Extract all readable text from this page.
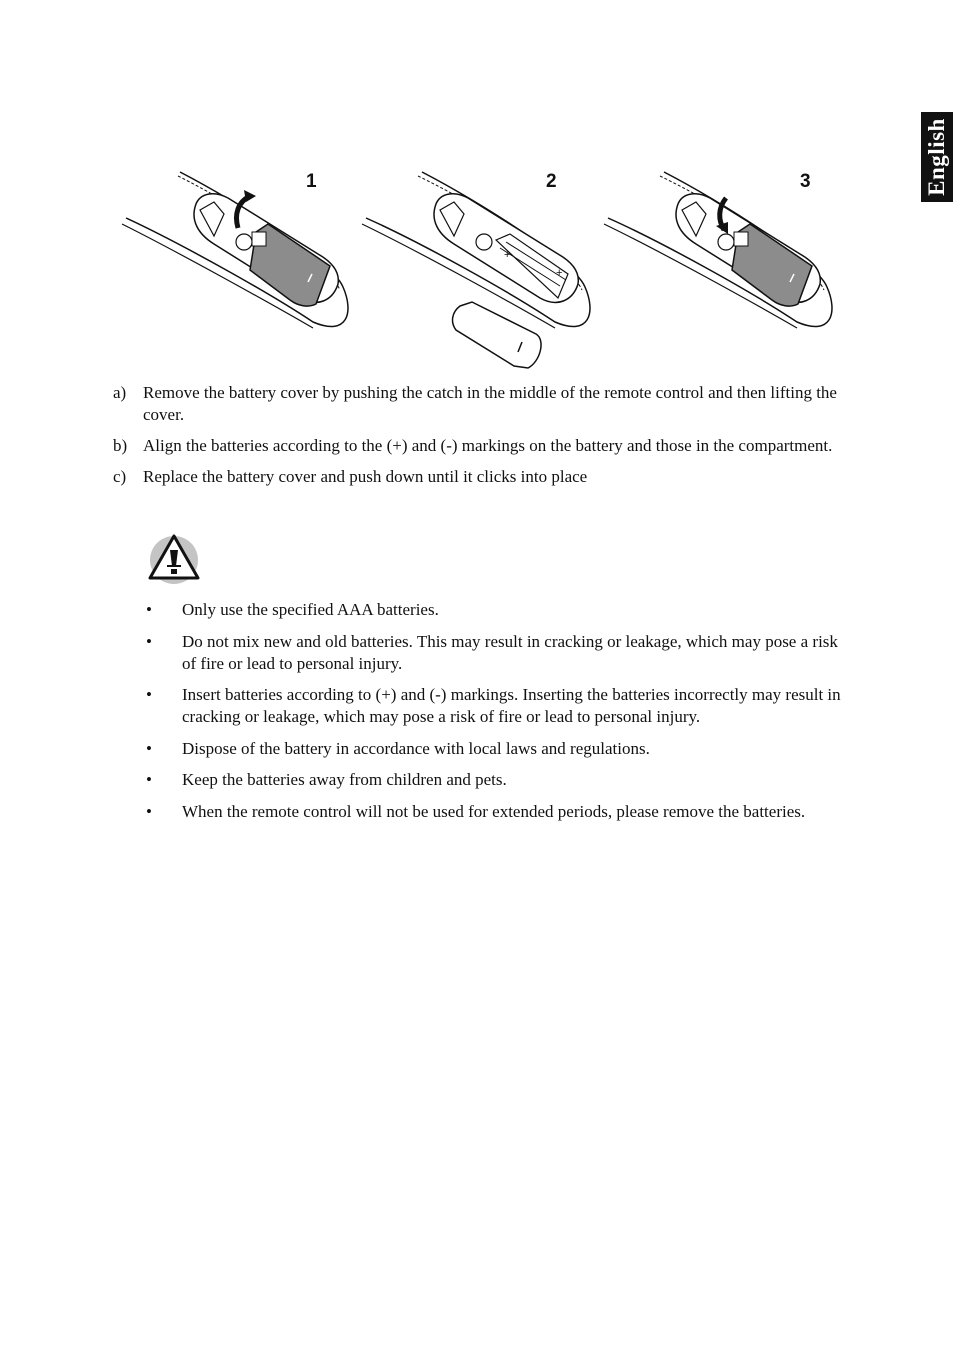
English
1
+
+
2	3
a) Remove the battery cover by pushing the catch in the middle of the remote control and then lifting the cover.
b) Align the batteries according to the (+) and (-) markings on the battery and those in the compartment.
c) Replace the battery cover and push down until it clicks into place
• Only use the specified AAA batteries.
• Do not mix new and old batteries. This may result in cracking or leakage, which may pose a risk of fire or lead to personal injury.
• Insert batteries according to (+) and (-) markings. Inserting the batteries incorrectly may result in cracking or leakage, which may pose a risk of fire or lead to personal injury.
• Dispose of the battery in accordance with local laws and regulations.
• Keep the batteries away from children and pets.
• When the remote control will not be used for extended periods, please remove the batteries.
